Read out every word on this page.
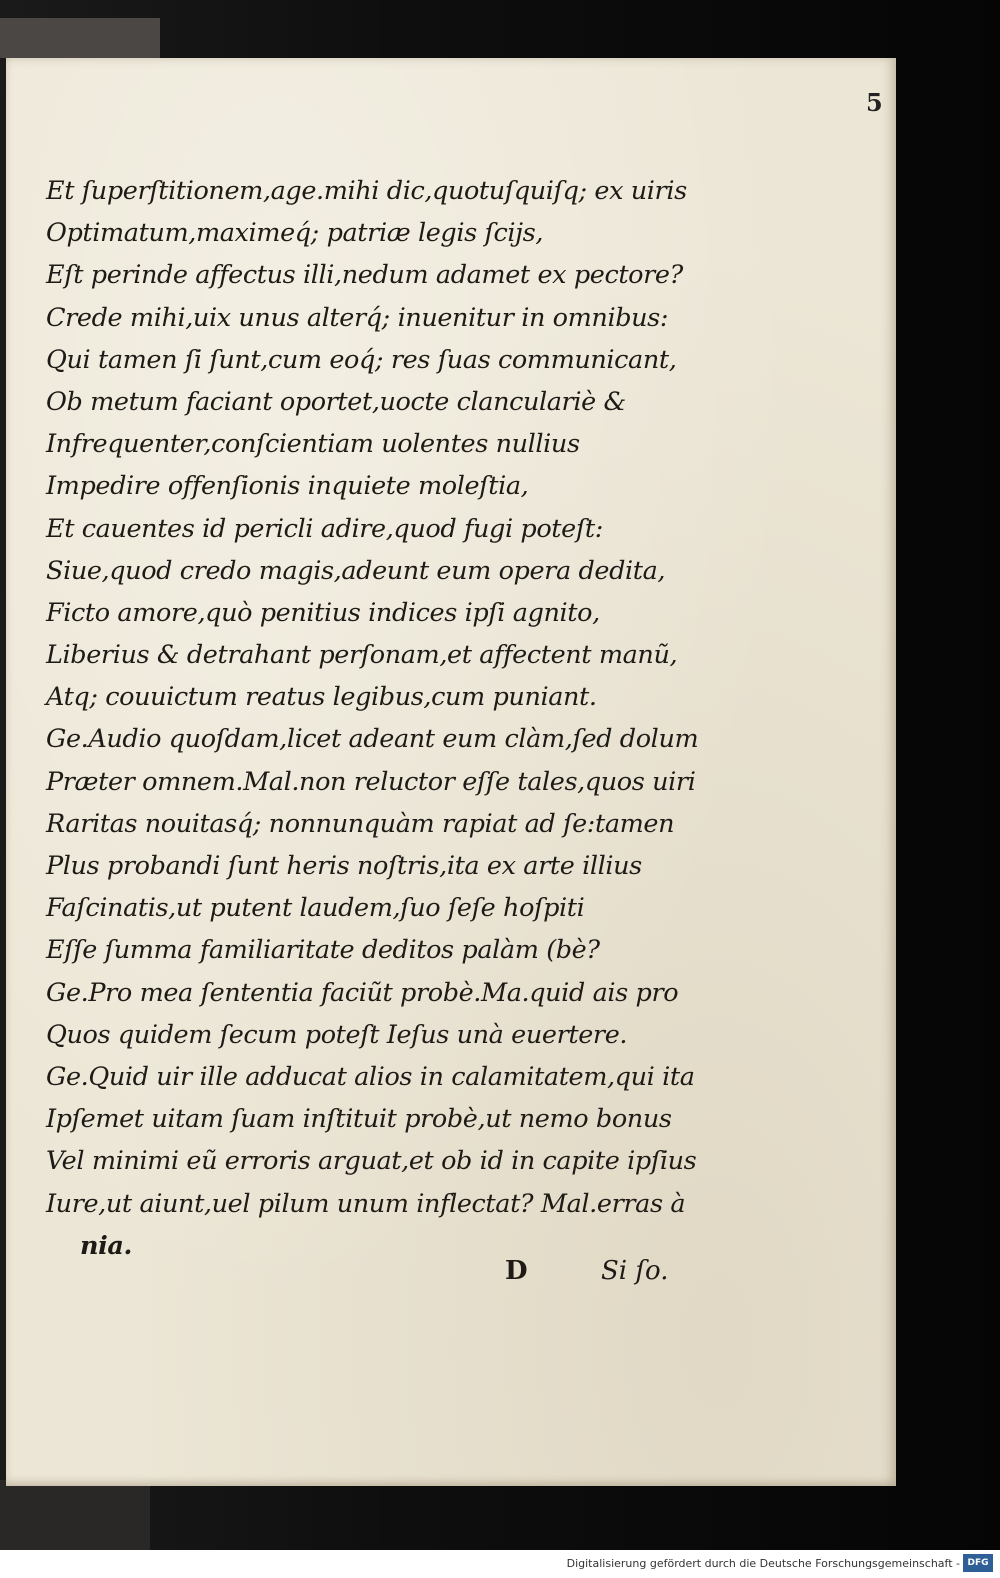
5
Et ſuperſtitionem,age.mihi dic,quotuſquiſq; ex uiris
Optimatum,maximeq́; patriæ legis ſcijs,
Eſt perinde affectus illi,nedum adamet ex pectore?
Crede mihi,uix unus alterq́; inuenitur in omnibus:
Qui tamen ſi ſunt,cum eoq́; res ſuas communicant,
Ob metum faciant oportet,uocte clanculariè &
Infrequenter,conſcientiam uolentes nullius
Impedire offenſionis inquiete moleſtia,
Et cauentes id pericli adire,quod fugi poteſt:
Siue,quod credo magis,adeunt eum opera dedita,
Ficto amore,quò penitius indices ipſi agnito,
Liberius & detrahant perſonam,et affectent manũ,
Atq; couuictum reatus legibus,cum puniant.
Ge.Audio quoſdam,licet adeant eum clàm,ſed dolum
Præter omnem.Mal.non reluctor eſſe tales,quos uiri
Raritas nouitasq́; nonnunquàm rapiat ad ſe:tamen
Plus probandi ſunt heris noſtris,ita ex arte illius
Faſcinatis,ut putent laudem,ſuo ſeſe hoſpiti
Eſſe ſumma familiaritate deditos palàm (bè?
Ge.Pro mea ſententia faciũt probè.Ma.quid ais pro
Quos quidem ſecum poteſt Ieſus unà euertere.
Ge.Quid uir ille adducat alios in calamitatem,qui ita
Ipſemet uitam ſuam inſtituit probè,ut nemo bonus
Vel minimi eũ erroris arguat,et ob id in capite ipſius
Iure,ut aiunt,uel pilum unum inflectat? Mal.erras à
nia.
D	Si ſo.
Digitalisierung gefördert durch die Deutsche Forschungsgemeinschaft - DFG
